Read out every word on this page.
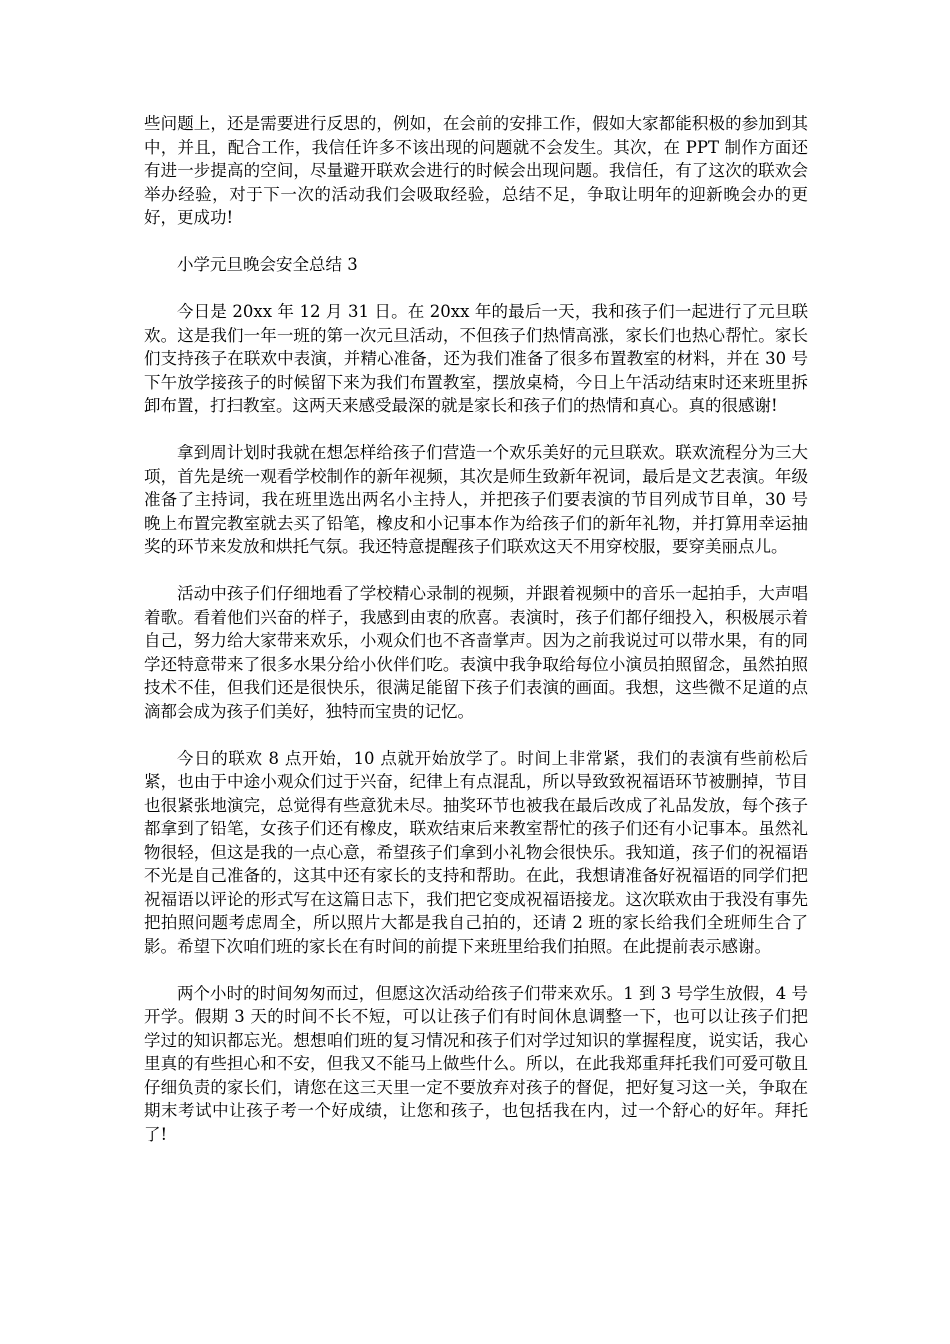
些问题上，还是需要进行反思的，例如，在会前的安排工作，假如大家都能积极的参加到其中，并且，配合工作，我信任许多不该出现的问题就不会发生。其次，在 PPT 制作方面还有进一步提高的空间，尽量避开联欢会进行的时候会出现问题。我信任，有了这次的联欢会举办经验，对于下一次的活动我们会吸取经验，总结不足，争取让明年的迎新晚会办的更好，更成功!

小学元旦晚会安全总结 3

今日是 20xx 年 12 月 31 日。在 20xx 年的最后一天，我和孩子们一起进行了元旦联欢。这是我们一年一班的第一次元旦活动，不但孩子们热情高涨，家长们也热心帮忙。家长们支持孩子在联欢中表演，并精心准备，还为我们准备了很多布置教室的材料，并在 30 号下午放学接孩子的时候留下来为我们布置教室，摆放桌椅，今日上午活动结束时还来班里拆卸布置，打扫教室。这两天来感受最深的就是家长和孩子们的热情和真心。真的很感谢!

拿到周计划时我就在想怎样给孩子们营造一个欢乐美好的元旦联欢。联欢流程分为三大项，首先是统一观看学校制作的新年视频，其次是师生致新年祝词，最后是文艺表演。年级准备了主持词，我在班里选出两名小主持人，并把孩子们要表演的节目列成节目单，30 号晚上布置完教室就去买了铅笔，橡皮和小记事本作为给孩子们的新年礼物，并打算用幸运抽奖的环节来发放和烘托气氛。我还特意提醒孩子们联欢这天不用穿校服，要穿美丽点儿。

活动中孩子们仔细地看了学校精心录制的视频，并跟着视频中的音乐一起拍手，大声唱着歌。看着他们兴奋的样子，我感到由衷的欣喜。表演时，孩子们都仔细投入，积极展示着自己，努力给大家带来欢乐，小观众们也不吝啬掌声。因为之前我说过可以带水果，有的同学还特意带来了很多水果分给小伙伴们吃。表演中我争取给每位小演员拍照留念，虽然拍照技术不佳，但我们还是很快乐，很满足能留下孩子们表演的画面。我想，这些微不足道的点滴都会成为孩子们美好，独特而宝贵的记忆。

今日的联欢 8 点开始，10 点就开始放学了。时间上非常紧，我们的表演有些前松后紧，也由于中途小观众们过于兴奋，纪律上有点混乱，所以导致致祝福语环节被删掉，节目也很紧张地演完，总觉得有些意犹未尽。抽奖环节也被我在最后改成了礼品发放，每个孩子都拿到了铅笔，女孩子们还有橡皮，联欢结束后来教室帮忙的孩子们还有小记事本。虽然礼物很轻，但这是我的一点心意，希望孩子们拿到小礼物会很快乐。我知道，孩子们的祝福语不光是自己准备的，这其中还有家长的支持和帮助。在此，我想请准备好祝福语的同学们把祝福语以评论的形式写在这篇日志下，我们把它变成祝福语接龙。这次联欢由于我没有事先把拍照问题考虑周全，所以照片大都是我自己拍的，还请 2 班的家长给我们全班师生合了影。希望下次咱们班的家长在有时间的前提下来班里给我们拍照。在此提前表示感谢。

两个小时的时间匆匆而过，但愿这次活动给孩子们带来欢乐。1 到 3 号学生放假，4 号开学。假期 3 天的时间不长不短，可以让孩子们有时间休息调整一下，也可以让孩子们把学过的知识都忘光。想想咱们班的复习情况和孩子们对学过知识的掌握程度，说实话，我心里真的有些担心和不安，但我又不能马上做些什么。所以，在此我郑重拜托我们可爱可敬且仔细负责的家长们，请您在这三天里一定不要放弃对孩子的督促，把好复习这一关，争取在期末考试中让孩子考一个好成绩，让您和孩子，也包括我在内，过一个舒心的好年。拜托了!
